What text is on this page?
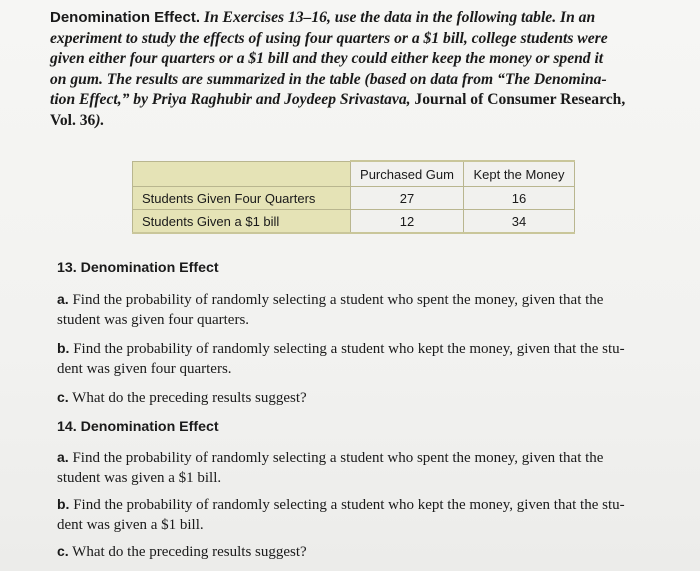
Denomination Effect. In Exercises 13–16, use the data in the following table. In an
experiment to study the effects of using four quarters or a $1 bill, college students were
given either four quarters or a $1 bill and they could either keep the money or spend it
on gum. The results are summarized in the table (based on data from “The Denomina-
tion Effect,” by Priya Raghubir and Joydeep Srivastava, Journal of Consumer Research,
Vol. 36).
	Purchased Gum	Kept the Money
Students Given Four Quarters	27	16
Students Given a $1 bill	12	34
13. Denomination Effect
a. Find the probability of randomly selecting a student who spent the money, given that the
student was given four quarters.
b. Find the probability of randomly selecting a student who kept the money, given that the stu-
dent was given four quarters.
c. What do the preceding results suggest?
14. Denomination Effect
a. Find the probability of randomly selecting a student who spent the money, given that the
student was given a $1 bill.
b. Find the probability of randomly selecting a student who kept the money, given that the stu-
dent was given a $1 bill.
c. What do the preceding results suggest?
